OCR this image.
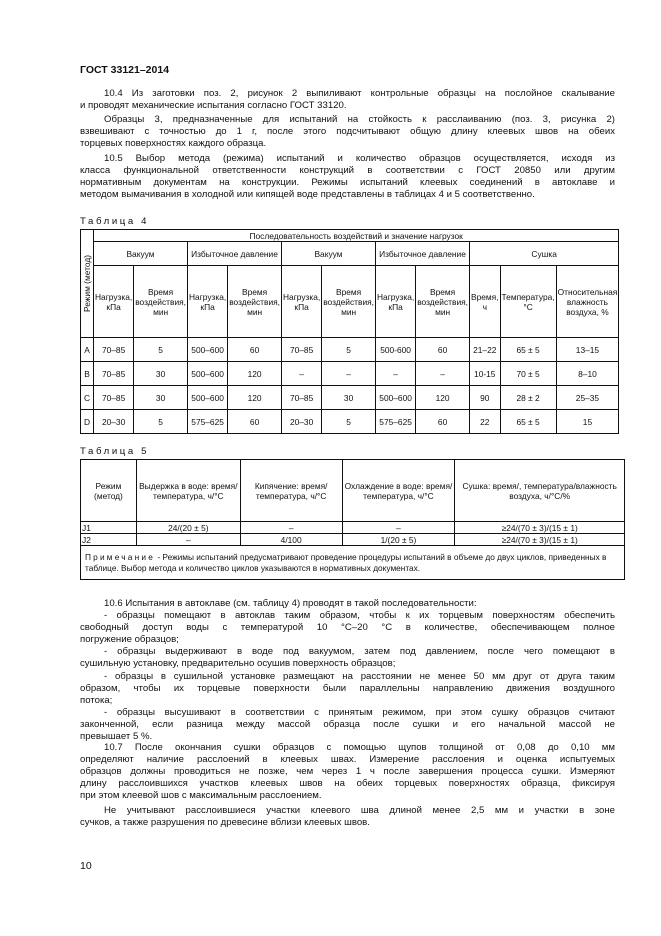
ГОСТ 33121–2014
10.4 Из заготовки поз. 2, рисунок 2 выпиливают контрольные образцы на послойное скалывание
и проводят механические испытания согласно ГОСТ 33120.
Образцы 3, предназначенные для испытаний на стойкость к расслаиванию (поз. 3, рисунка 2)
взвешивают с точностью до 1 г, после этого подсчитывают общую длину клеевых швов на обеих
торцевых поверхностях каждого образца.
10.5 Выбор метода (режима) испытаний и количество образцов осуществляется, исходя из
класса функциональной ответственности конструкций в соответствии с ГОСТ 20850 или другим
нормативным документам на конструкции. Режимы испытаний клеевых соединений в автоклаве и
методом вымачивания в холодной или кипящей воде представлены в таблицах 4 и 5 соответственно.
Таблица 4
Режим (метод)	Последовательность воздействий и значение нагрузок										
	Вакуум		Избыточное давление		Вакуум		Избыточное давление		Сушка		
	Нагрузка, кПа	Время воздействия, мин	Нагрузка, кПа	Время воздействия, мин	Нагрузка, кПа	Время воздействия, мин	Нагрузка, кПа	Время воздействия, мин	Время, ч	Температура, °С	Относительная влажность воздуха, %
A	70–85	5	500–600	60	70–85	5	500-600	60	21–22	65 ± 5	13–15
B	70–85	30	500–600	120	–	–	–	–	10-15	70 ± 5	8–10
C	70–85	30	500–600	120	70–85	30	500–600	120	90	28 ± 2	25–35
D	20–30	5	575–625	60	20–30	5	575–625	60	22	65 ± 5	15
Таблица 5
Режим (метод)	Выдержка в воде: время/ температура, ч/°С	Кипячение: время/ температура, ч/°С	Охлаждение в воде: время/ температура, ч/°С	Сушка: время/, температура/влажность воздуха, ч/°С/%
J1	24/(20 ± 5)	–	–	≥24/(70 ± 3)/(15 ± 1)
J2	–	4/100	1/(20 ± 5)	≥24/(70 ± 3)/(15 ± 1)
Примечание - Режимы испытаний предусматривают проведение процедуры испытаний в объеме до двух циклов, приведенных в таблице. Выбор метода и количество циклов указываются в нормативных документах.				
10.6 Испытания в автоклаве (см. таблицу 4) проводят в такой последовательности:
- образцы помещают в автоклав таким образом, чтобы к их торцевым поверхностям обеспечить
свободный доступ воды с температурой 10 °С–20 °С в количестве, обеспечивающем полное
погружение образцов;
- образцы выдерживают в воде под вакуумом, затем под давлением, после чего помещают в
сушильную установку, предварительно осушив поверхность образцов;
- образцы в сушильной установке размещают на расстоянии не менее 50 мм друг от друга таким
образом, чтобы их торцевые поверхности были параллельны направлению движения воздушного
потока;
- образцы высушивают в соответствии с принятым режимом, при этом сушку образцов считают
законченной, если разница между массой образца после сушки и его начальной массой не
превышает 5 %.
10.7 После окончания сушки образцов с помощью щупов толщиной от 0,08 до 0,10 мм
определяют наличие расслоений в клеевых швах. Измерение расслоения и оценка испытуемых
образцов должны проводиться не позже, чем через 1 ч после завершения процесса сушки. Измеряют
длину расслоившихся участков клеевых швов на обеих торцевых поверхностях образца, фиксируя
при этом клеевой шов с максимальным расслоением.
Не учитывают расслоившиеся участки клеевого шва длиной менее 2,5 мм и участки в зоне
сучков, а также разрушения по древесине вблизи клеевых швов.
10
